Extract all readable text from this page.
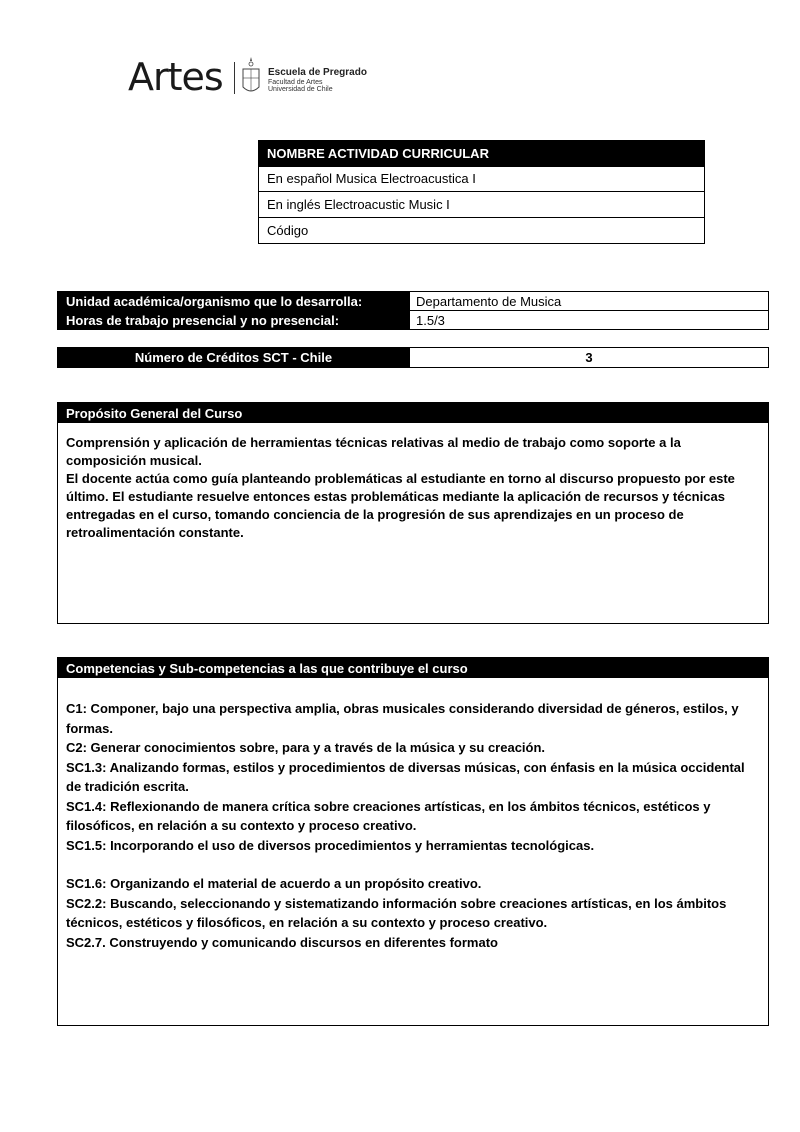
Artes	Escuela de Pregrado
Facultad de Artes
Universidad de Chile
NOMBRE ACTIVIDAD CURRICULAR
En español Musica Electroacustica I
En inglés Electroacustic Music I
Código
Unidad académica/organismo que lo desarrolla:	Departamento de Musica
Horas de trabajo presencial y no presencial:	1.5/3
Número de Créditos SCT - Chile	3
Propósito General del Curso

Comprensión y aplicación de herramientas técnicas relativas al medio de trabajo como soporte a la composición musical.

El docente actúa como guía planteando problemáticas al estudiante en torno al discurso propuesto por este último. El estudiante resuelve entonces estas problemáticas mediante la aplicación de recursos y técnicas entregadas en el curso, tomando conciencia de la progresión de sus aprendizajes en un proceso de retroalimentación constante.

Competencias y Sub-competencias a las que contribuye el curso

C1: Componer, bajo una perspectiva amplia, obras musicales considerando diversidad de géneros, estilos, y formas.

C2: Generar conocimientos sobre, para y a través de la música y su creación.

SC1.3: Analizando formas, estilos y procedimientos de diversas músicas, con énfasis en la música occidental de tradición escrita.

SC1.4: Reflexionando de manera crítica sobre creaciones artísticas, en los ámbitos técnicos, estéticos y filosóficos, en relación a su contexto y proceso creativo.

SC1.5: Incorporando el uso de diversos procedimientos y herramientas tecnológicas.

SC1.6: Organizando el material de acuerdo a un propósito creativo.

SC2.2: Buscando, seleccionando y sistematizando información sobre creaciones artísticas, en los ámbitos técnicos, estéticos y filosóficos, en relación a su contexto y proceso creativo.

SC2.7. Construyendo y comunicando discursos en diferentes formato
